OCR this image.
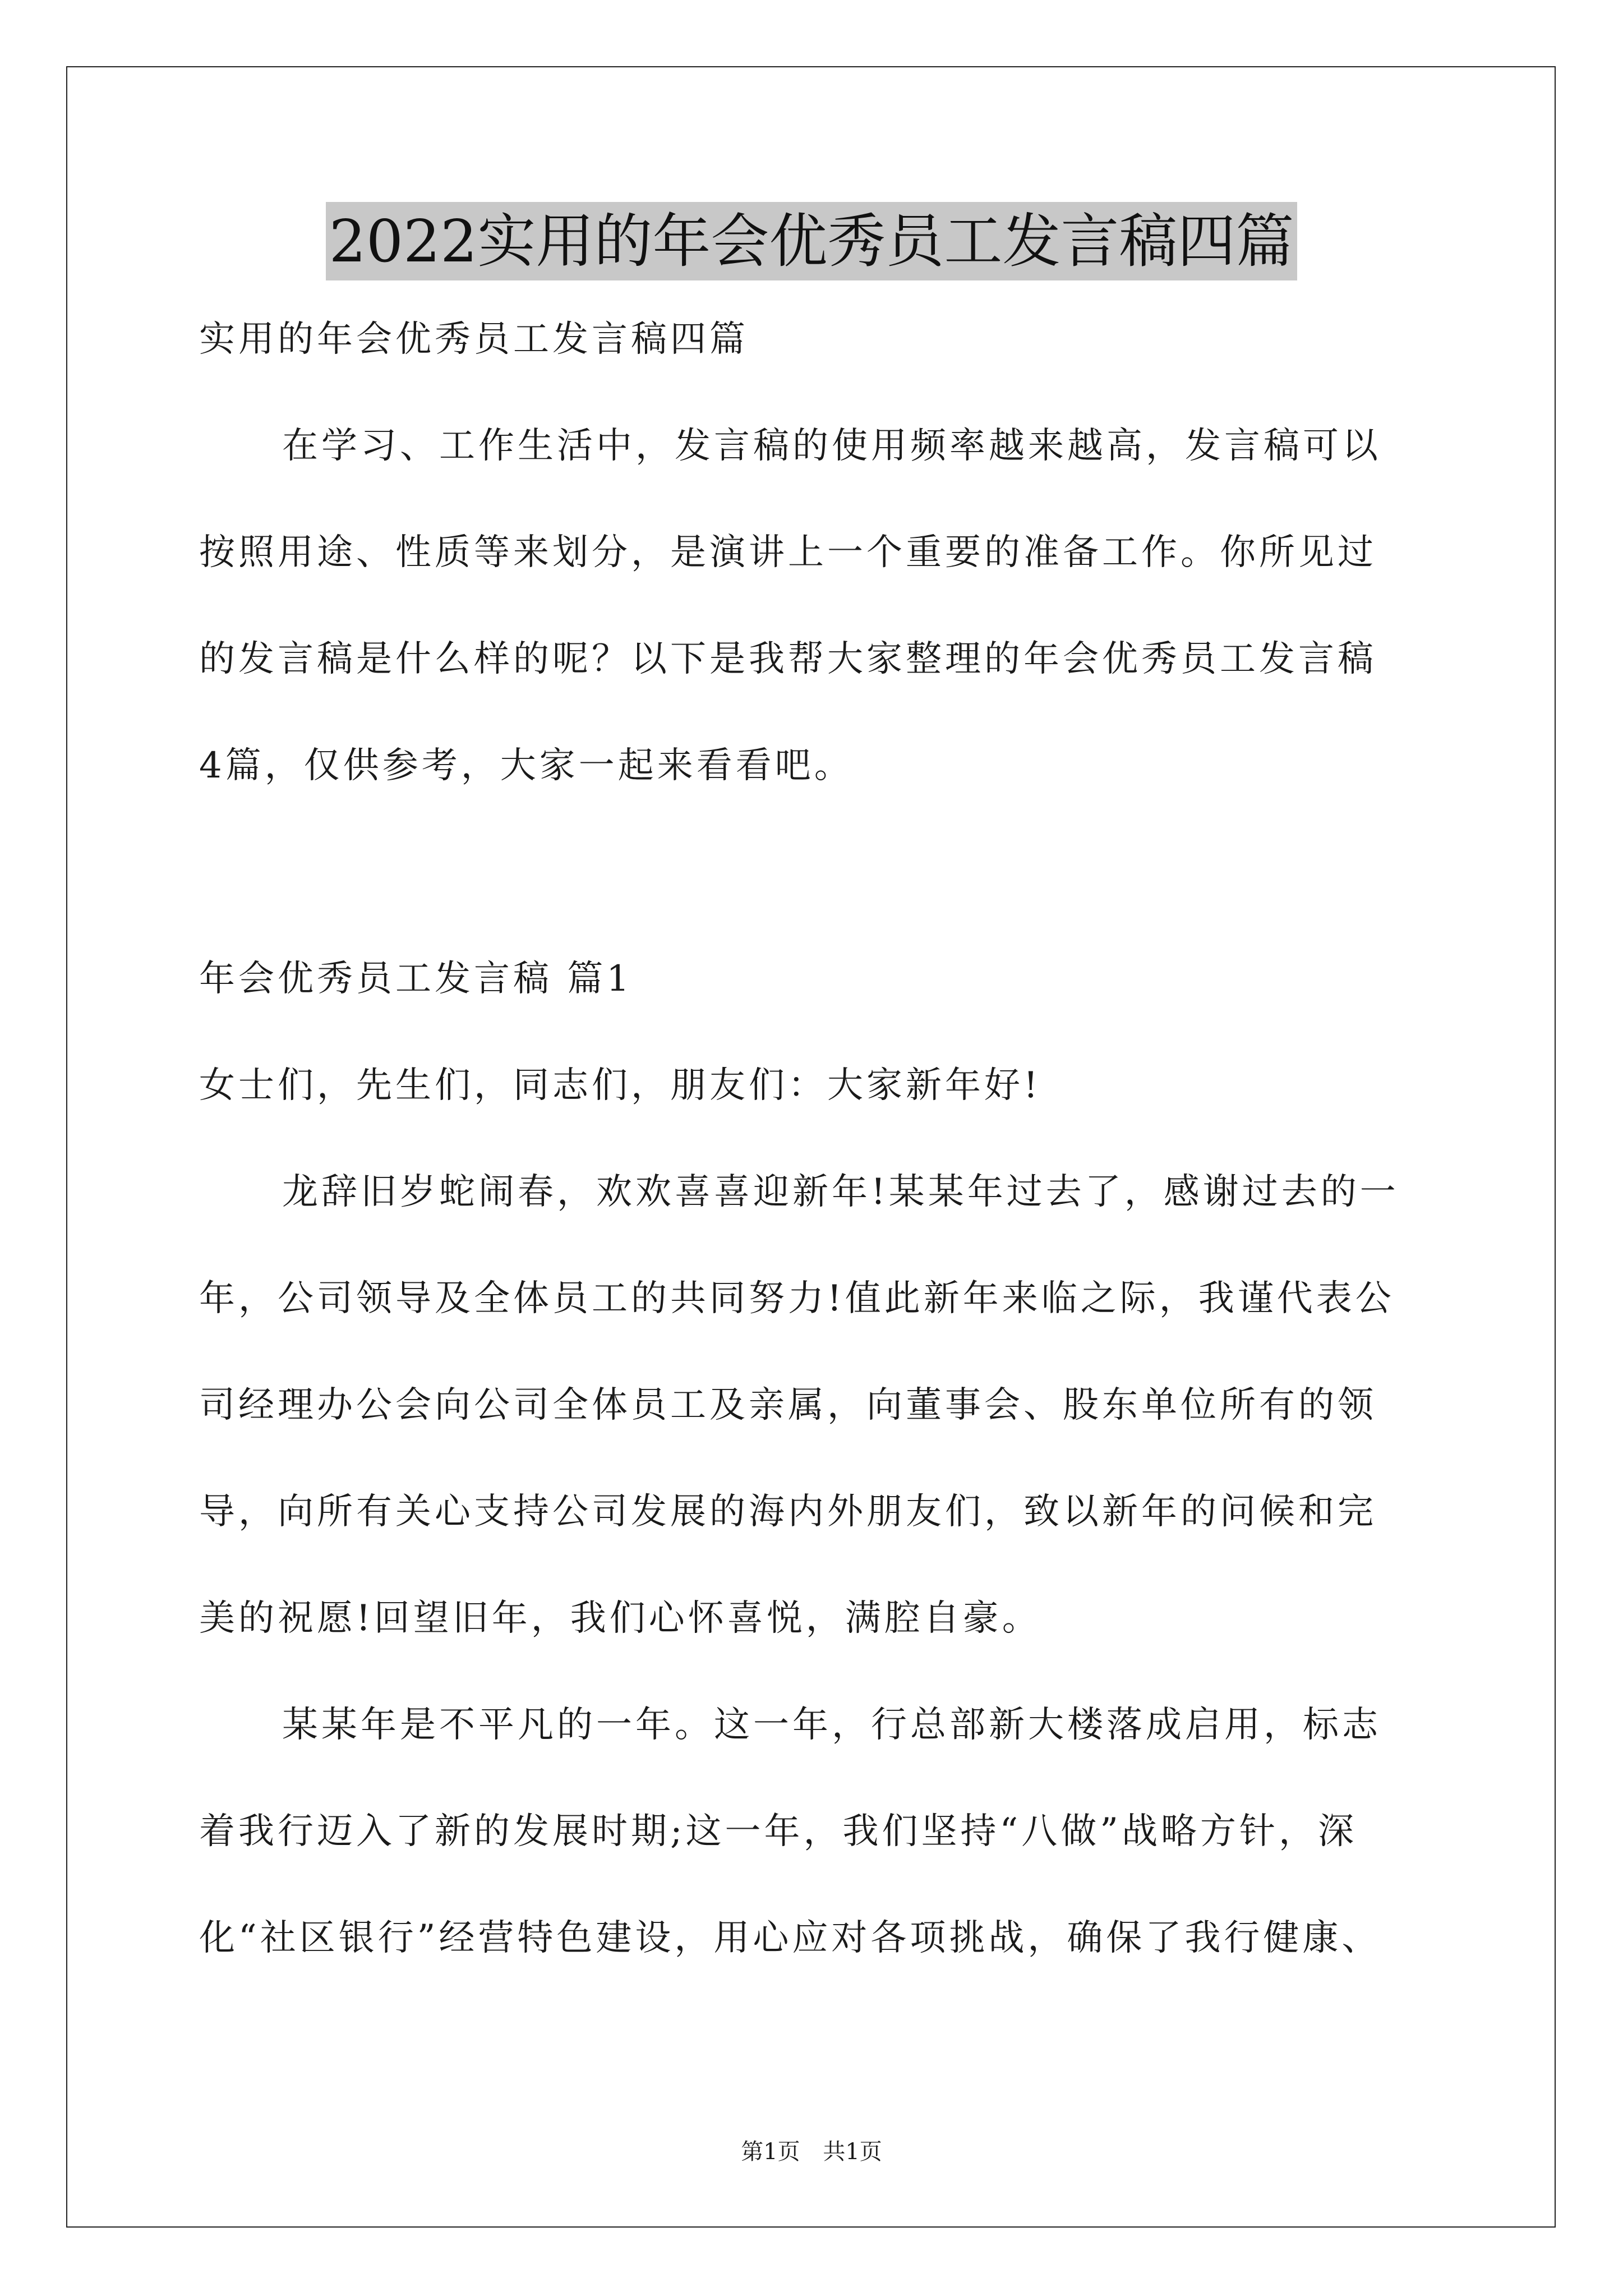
2022实用的年会优秀员工发言稿四篇
实用的年会优秀员工发言稿四篇
在学习、工作生活中，发言稿的使用频率越来越高，发言稿可以
按照用途、性质等来划分，是演讲上一个重要的准备工作。你所见过
的发言稿是什么样的呢？以下是我帮大家整理的年会优秀员工发言稿
4篇，仅供参考，大家一起来看看吧。
年会优秀员工发言稿 篇1
女士们，先生们，同志们，朋友们：大家新年好!
龙辞旧岁蛇闹春，欢欢喜喜迎新年!某某年过去了，感谢过去的一
年，公司领导及全体员工的共同努力!值此新年来临之际，我谨代表公
司经理办公会向公司全体员工及亲属，向董事会、股东单位所有的领
导，向所有关心支持公司发展的海内外朋友们，致以新年的问候和完
美的祝愿!回望旧年，我们心怀喜悦，满腔自豪。
某某年是不平凡的一年。这一年，行总部新大楼落成启用，标志
着我行迈入了新的发展时期;这一年，我们坚持“八做”战略方针，深
化“社区银行”经营特色建设，用心应对各项挑战，确保了我行健康、
第1页 共1页
